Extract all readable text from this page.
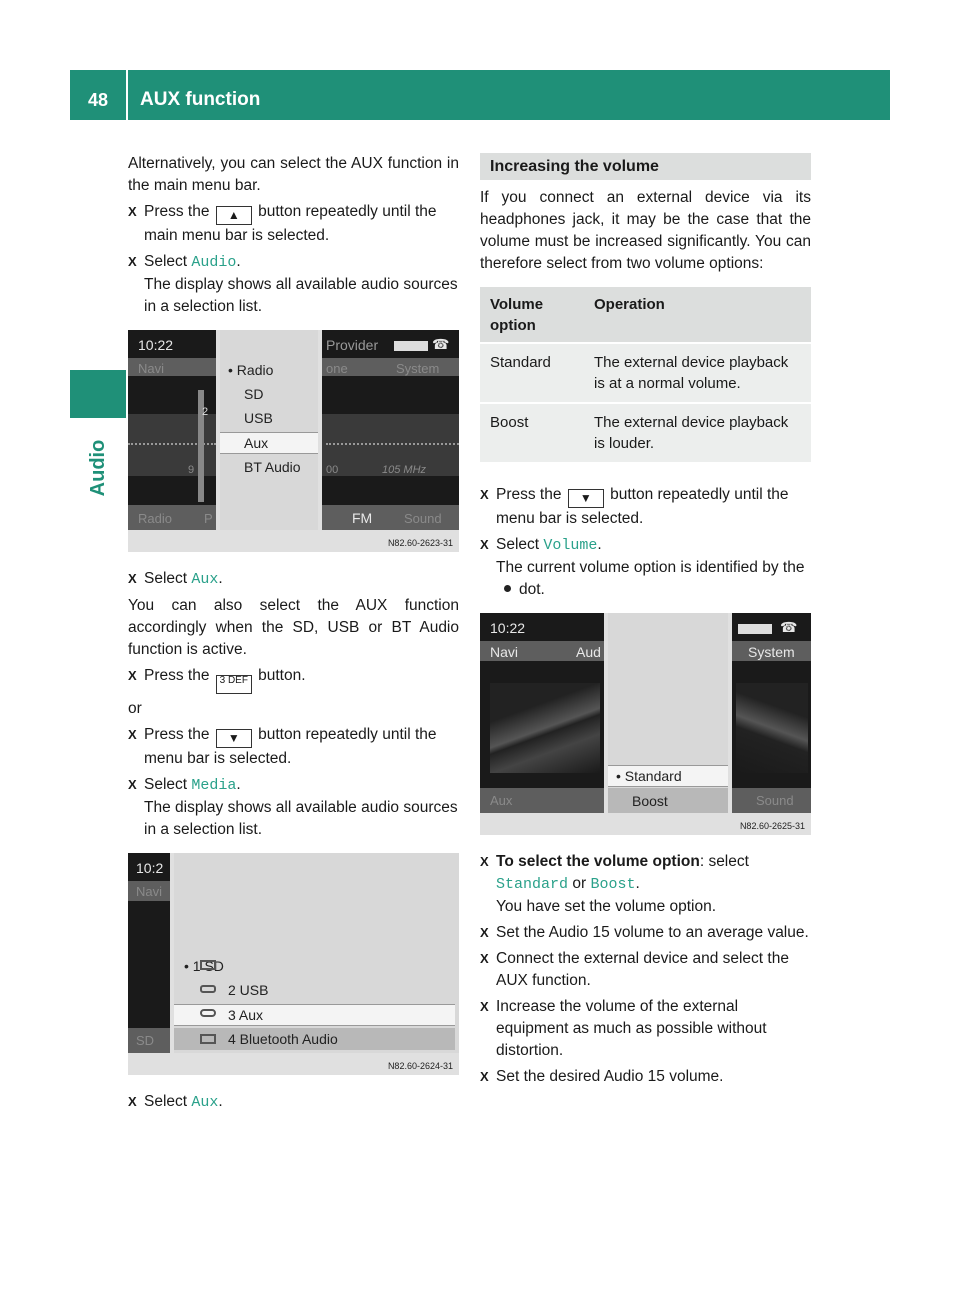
48	AUX function
Audio

Alternatively, you can select the AUX function in the main menu bar.

X Press the ▲ button repeatedly until the main menu bar is selected.
X Select Audio.
The display shows all available audio sources in a selection list.
10:22	Provider	☎
Navi	one	System
2
9	00	105 MHz
Radio P	FM Sound
• Radio
SD
USB
Aux
BT Audio
N82.60-2623-31
X Select Aux.

You can also select the AUX function accordingly when the SD, USB or BT Audio function is active.

X Press the 3 DEF button.
or
X Press the ▼ button repeatedly until the menu bar is selected.
X Select Media.
The display shows all available audio sources in a selection list.
10:2
Navi
SD
• 1 SD
2 USB
3 Aux
4 Bluetooth Audio
N82.60-2624-31
X Select Aux.
Increasing the volume

If you connect an external device via its headphones jack, it may be the case that the volume must be increased significantly. You can therefore select from two volume options:

Volume option	Operation
Standard	The external device playback is at a normal volume.
Boost	The external device playback is louder.
X Press the ▼ button repeatedly until the menu bar is selected.
X Select Volume.
The current volume option is identified by the
dot.
10:22	☎
Navi	Aud	System
Aux	Sound
• Standard
Boost
N82.60-2625-31
X To select the volume option: select
Standard or Boost.
You have set the volume option.
X Set the Audio 15 volume to an average value.
X Connect the external device and select the AUX function.
X Increase the volume of the external equipment as much as possible without distortion.
X Set the desired Audio 15 volume.
